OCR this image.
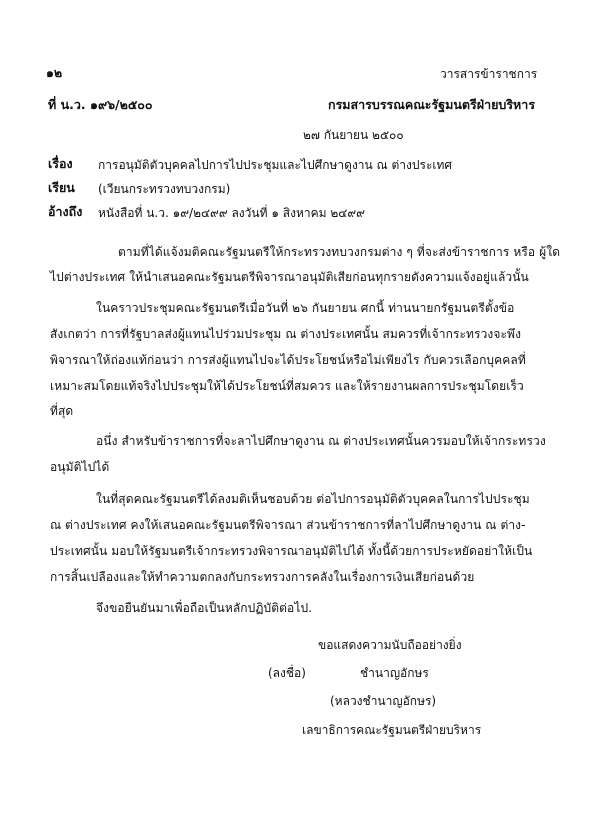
๑๒	วารสารข้าราชการ
ที่ น.ว. ๑๙๖/๒๕๐๐	กรมสารบรรณคณะรัฐมนตรีฝ่ายบริหาร
๒๗ กันยายน ๒๕๐๐
เรื่อง การอนุมัติตัวบุคคลไปการไปประชุมและไปศึกษาดูงาน ณ ต่างประเทศ
เรียน (เวียนกระทรวงทบวงกรม)
อ้างถึง หนังสือที่ น.ว. ๑๙/๒๔๙๙ ลงวันที่ ๑ สิงหาคม ๒๔๙๙
ตามที่ได้แจ้งมติคณะรัฐมนตรีให้กระทรวงทบวงกรมต่าง ๆ ที่จะส่งข้าราชการ หรือ ผู้ใด
ไปต่างประเทศ ให้นำเสนอคณะรัฐมนตรีพิจารณาอนุมัติเสียก่อนทุกรายดังความแจ้งอยู่แล้วนั้น
ในคราวประชุมคณะรัฐมนตรีเมื่อวันที่ ๒๖ กันยายน ศกนี้ ท่านนายกรัฐมนตรีตั้งข้อ
สังเกตว่า การที่รัฐบาลส่งผู้แทนไปร่วมประชุม ณ ต่างประเทศนั้น สมควรที่เจ้ากระทรวงจะพึง
พิจารณาให้ถ่องแท้ก่อนว่า การส่งผู้แทนไปจะได้ประโยชน์หรือไม่เพียงไร กับควรเลือกบุคคลที่
เหมาะสมโดยแท้จริงไปประชุมให้ได้ประโยชน์ที่สมควร และให้รายงานผลการประชุมโดยเร็ว
ที่สุด
อนึ่ง สำหรับข้าราชการที่จะลาไปศึกษาดูงาน ณ ต่างประเทศนั้นควรมอบให้เจ้ากระทรวง
อนุมัติไปได้
ในที่สุดคณะรัฐมนตรีได้ลงมติเห็นชอบด้วย ต่อไปการอนุมัติตัวบุคคลในการไปประชุม
ณ ต่างประเทศ คงให้เสนอคณะรัฐมนตรีพิจารณา ส่วนข้าราชการที่ลาไปศึกษาดูงาน ณ ต่าง-
ประเทศนั้น มอบให้รัฐมนตรีเจ้ากระทรวงพิจารณาอนุมัติไปได้ ทั้งนี้ด้วยการประหยัดอย่าให้เป็น
การสิ้นเปลืองและให้ทำความตกลงกับกระทรวงการคลังในเรื่องการเงินเสียก่อนด้วย
จึงขอยืนยันมาเพื่อถือเป็นหลักปฏิบัติต่อไป.
ขอแสดงความนับถืออย่างยิ่ง
(ลงชื่อ)	ชำนาญอักษร
(หลวงชำนาญอักษร)
เลขาธิการคณะรัฐมนตรีฝ่ายบริหาร
